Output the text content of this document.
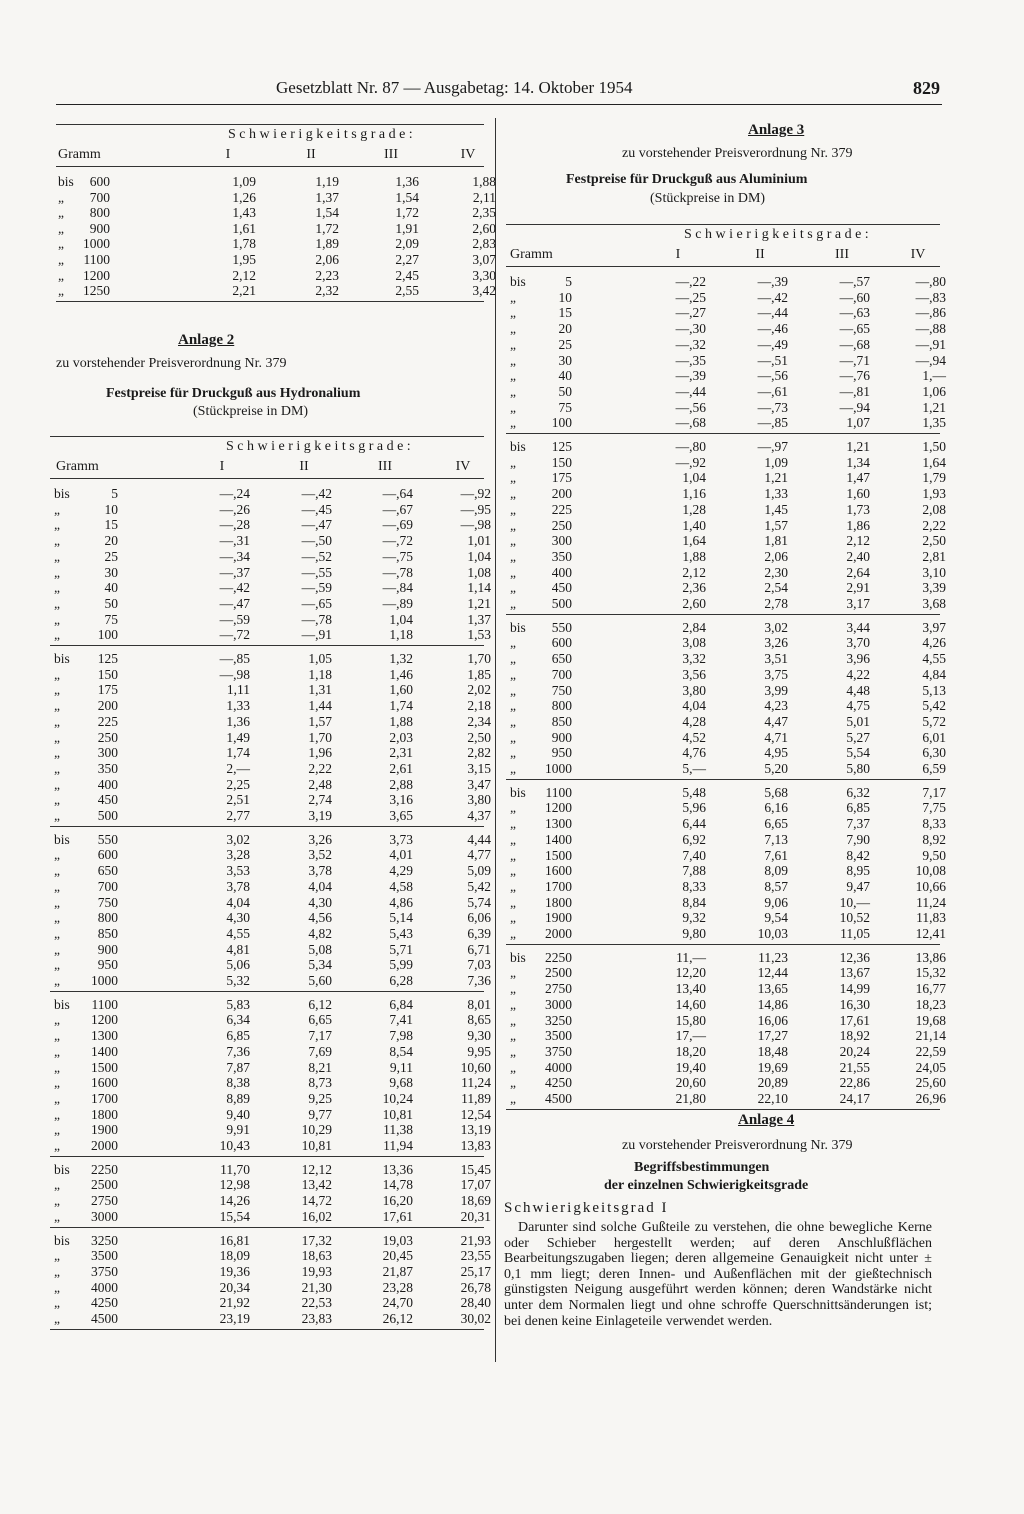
Gesetzblatt Nr. 87 — Ausgabetag: 14. Oktober 1954	829
Schwierigkeitsgrade:
Gramm	I	II	III	IV
bis	600	1,09	1,19	1,36	1,88
„	700	1,26	1,37	1,54	2,11
„	800	1,43	1,54	1,72	2,35
„	900	1,61	1,72	1,91	2,60
„	1000	1,78	1,89	2,09	2,83
„	1100	1,95	2,06	2,27	3,07
„	1200	2,12	2,23	2,45	3,30
„	1250	2,21	2,32	2,55	3,42
Anlage 2
zu vorstehender Preisverordnung Nr. 379
Festpreise für Druckguß aus Hydronalium
(Stückpreise in DM)
Schwierigkeitsgrade:
Gramm	I	II	III	IV
bis	5	—,24	—,42	—,64	—,92
„	10	—,26	—,45	—,67	—,95
„	15	—,28	—,47	—,69	—,98
„	20	—,31	—,50	—,72	1,01
„	25	—,34	—,52	—,75	1,04
„	30	—,37	—,55	—,78	1,08
„	40	—,42	—,59	—,84	1,14
„	50	—,47	—,65	—,89	1,21
„	75	—,59	—,78	1,04	1,37
„	100	—,72	—,91	1,18	1,53
bis	125	—,85	1,05	1,32	1,70
„	150	—,98	1,18	1,46	1,85
„	175	1,11	1,31	1,60	2,02
„	200	1,33	1,44	1,74	2,18
„	225	1,36	1,57	1,88	2,34
„	250	1,49	1,70	2,03	2,50
„	300	1,74	1,96	2,31	2,82
„	350	2,—	2,22	2,61	3,15
„	400	2,25	2,48	2,88	3,47
„	450	2,51	2,74	3,16	3,80
„	500	2,77	3,19	3,65	4,37
bis	550	3,02	3,26	3,73	4,44
„	600	3,28	3,52	4,01	4,77
„	650	3,53	3,78	4,29	5,09
„	700	3,78	4,04	4,58	5,42
„	750	4,04	4,30	4,86	5,74
„	800	4,30	4,56	5,14	6,06
„	850	4,55	4,82	5,43	6,39
„	900	4,81	5,08	5,71	6,71
„	950	5,06	5,34	5,99	7,03
„	1000	5,32	5,60	6,28	7,36
bis	1100	5,83	6,12	6,84	8,01
„	1200	6,34	6,65	7,41	8,65
„	1300	6,85	7,17	7,98	9,30
„	1400	7,36	7,69	8,54	9,95
„	1500	7,87	8,21	9,11	10,60
„	1600	8,38	8,73	9,68	11,24
„	1700	8,89	9,25	10,24	11,89
„	1800	9,40	9,77	10,81	12,54
„	1900	9,91	10,29	11,38	13,19
„	2000	10,43	10,81	11,94	13,83
bis	2250	11,70	12,12	13,36	15,45
„	2500	12,98	13,42	14,78	17,07
„	2750	14,26	14,72	16,20	18,69
„	3000	15,54	16,02	17,61	20,31
bis	3250	16,81	17,32	19,03	21,93
„	3500	18,09	18,63	20,45	23,55
„	3750	19,36	19,93	21,87	25,17
„	4000	20,34	21,30	23,28	26,78
„	4250	21,92	22,53	24,70	28,40
„	4500	23,19	23,83	26,12	30,02
Anlage 3
zu vorstehender Preisverordnung Nr. 379
Festpreise für Druckguß aus Aluminium
(Stückpreise in DM)
Schwierigkeitsgrade:
Gramm	I	II	III	IV
bis	5	—,22	—,39	—,57	—,80
„	10	—,25	—,42	—,60	—,83
„	15	—,27	—,44	—,63	—,86
„	20	—,30	—,46	—,65	—,88
„	25	—,32	—,49	—,68	—,91
„	30	—,35	—,51	—,71	—,94
„	40	—,39	—,56	—,76	1,—
„	50	—,44	—,61	—,81	1,06
„	75	—,56	—,73	—,94	1,21
„	100	—,68	—,85	1,07	1,35
bis	125	—,80	—,97	1,21	1,50
„	150	—,92	1,09	1,34	1,64
„	175	1,04	1,21	1,47	1,79
„	200	1,16	1,33	1,60	1,93
„	225	1,28	1,45	1,73	2,08
„	250	1,40	1,57	1,86	2,22
„	300	1,64	1,81	2,12	2,50
„	350	1,88	2,06	2,40	2,81
„	400	2,12	2,30	2,64	3,10
„	450	2,36	2,54	2,91	3,39
„	500	2,60	2,78	3,17	3,68
bis	550	2,84	3,02	3,44	3,97
„	600	3,08	3,26	3,70	4,26
„	650	3,32	3,51	3,96	4,55
„	700	3,56	3,75	4,22	4,84
„	750	3,80	3,99	4,48	5,13
„	800	4,04	4,23	4,75	5,42
„	850	4,28	4,47	5,01	5,72
„	900	4,52	4,71	5,27	6,01
„	950	4,76	4,95	5,54	6,30
„	1000	5,—	5,20	5,80	6,59
bis	1100	5,48	5,68	6,32	7,17
„	1200	5,96	6,16	6,85	7,75
„	1300	6,44	6,65	7,37	8,33
„	1400	6,92	7,13	7,90	8,92
„	1500	7,40	7,61	8,42	9,50
„	1600	7,88	8,09	8,95	10,08
„	1700	8,33	8,57	9,47	10,66
„	1800	8,84	9,06	10,—	11,24
„	1900	9,32	9,54	10,52	11,83
„	2000	9,80	10,03	11,05	12,41
bis	2250	11,—	11,23	12,36	13,86
„	2500	12,20	12,44	13,67	15,32
„	2750	13,40	13,65	14,99	16,77
„	3000	14,60	14,86	16,30	18,23
„	3250	15,80	16,06	17,61	19,68
„	3500	17,—	17,27	18,92	21,14
„	3750	18,20	18,48	20,24	22,59
„	4000	19,40	19,69	21,55	24,05
„	4250	20,60	20,89	22,86	25,60
„	4500	21,80	22,10	24,17	26,96
Anlage 4
zu vorstehender Preisverordnung Nr. 379
Begriffsbestimmungen
der einzelnen Schwierigkeitsgrade
Schwierigkeitsgrad I

Darunter sind solche Gußteile zu verstehen, die ohne bewegliche Kerne oder Schieber hergestellt werden; auf deren Anschlußflächen Bearbeitungszugaben liegen; deren allgemeine Genauigkeit nicht unter ± 0,1 mm liegt; deren Innen- und Außenflächen mit der gießtechnisch günstigsten Neigung ausgeführt werden können; deren Wandstärke nicht unter dem Normalen liegt und ohne schroffe Querschnittsänderungen ist; bei denen keine Einlageteile verwendet werden.
